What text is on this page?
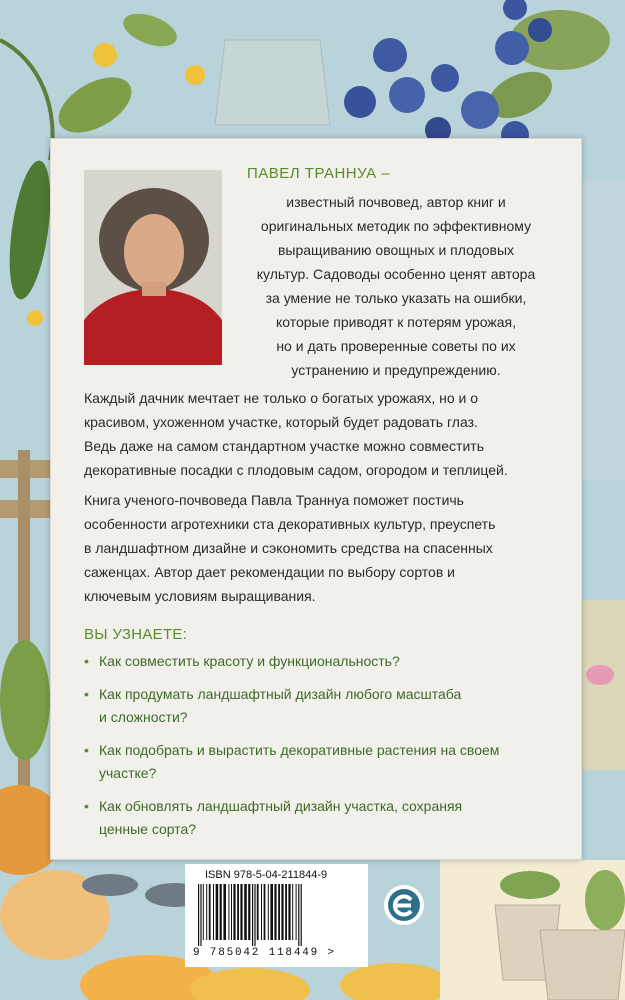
ПАВЕЛ ТРАННУА –

известный почвовед, автор книг и
оригинальных методик по эффективному
выращиванию овощных и плодовых
культур. Садоводы особенно ценят автора
за умение не только указать на ошибки,
которые приводят к потерям урожая,
но и дать проверенные советы по их
устранению и предупреждению.

Каждый дачник мечтает не только о богатых урожаях, но и о
красивом, ухоженном участке, который будет радовать глаз.
Ведь даже на самом стандартном участке можно совместить
декоративные посадки с плодовым садом, огородом и теплицей.

Книга ученого-почвоведа Павла Траннуа поможет постичь
особенности агротехники ста декоративных культур, преуспеть
в ландшафтном дизайне и сэкономить средства на спасенных
саженцах. Автор дает рекомендации по выбору сортов и
ключевым условиям выращивания.

ВЫ УЗНАЕТЕ:
• Как совместить красоту и функциональность?
• Как продумать ландшафтный дизайн любого масштаба
и сложности?
• Как подобрать и вырастить декоративные растения на своем
участке?
• Как обновлять ландшафтный дизайн участка, сохраняя
ценные сорта?
ISBN 978-5-04-211844-9
9 785042 118449 >
